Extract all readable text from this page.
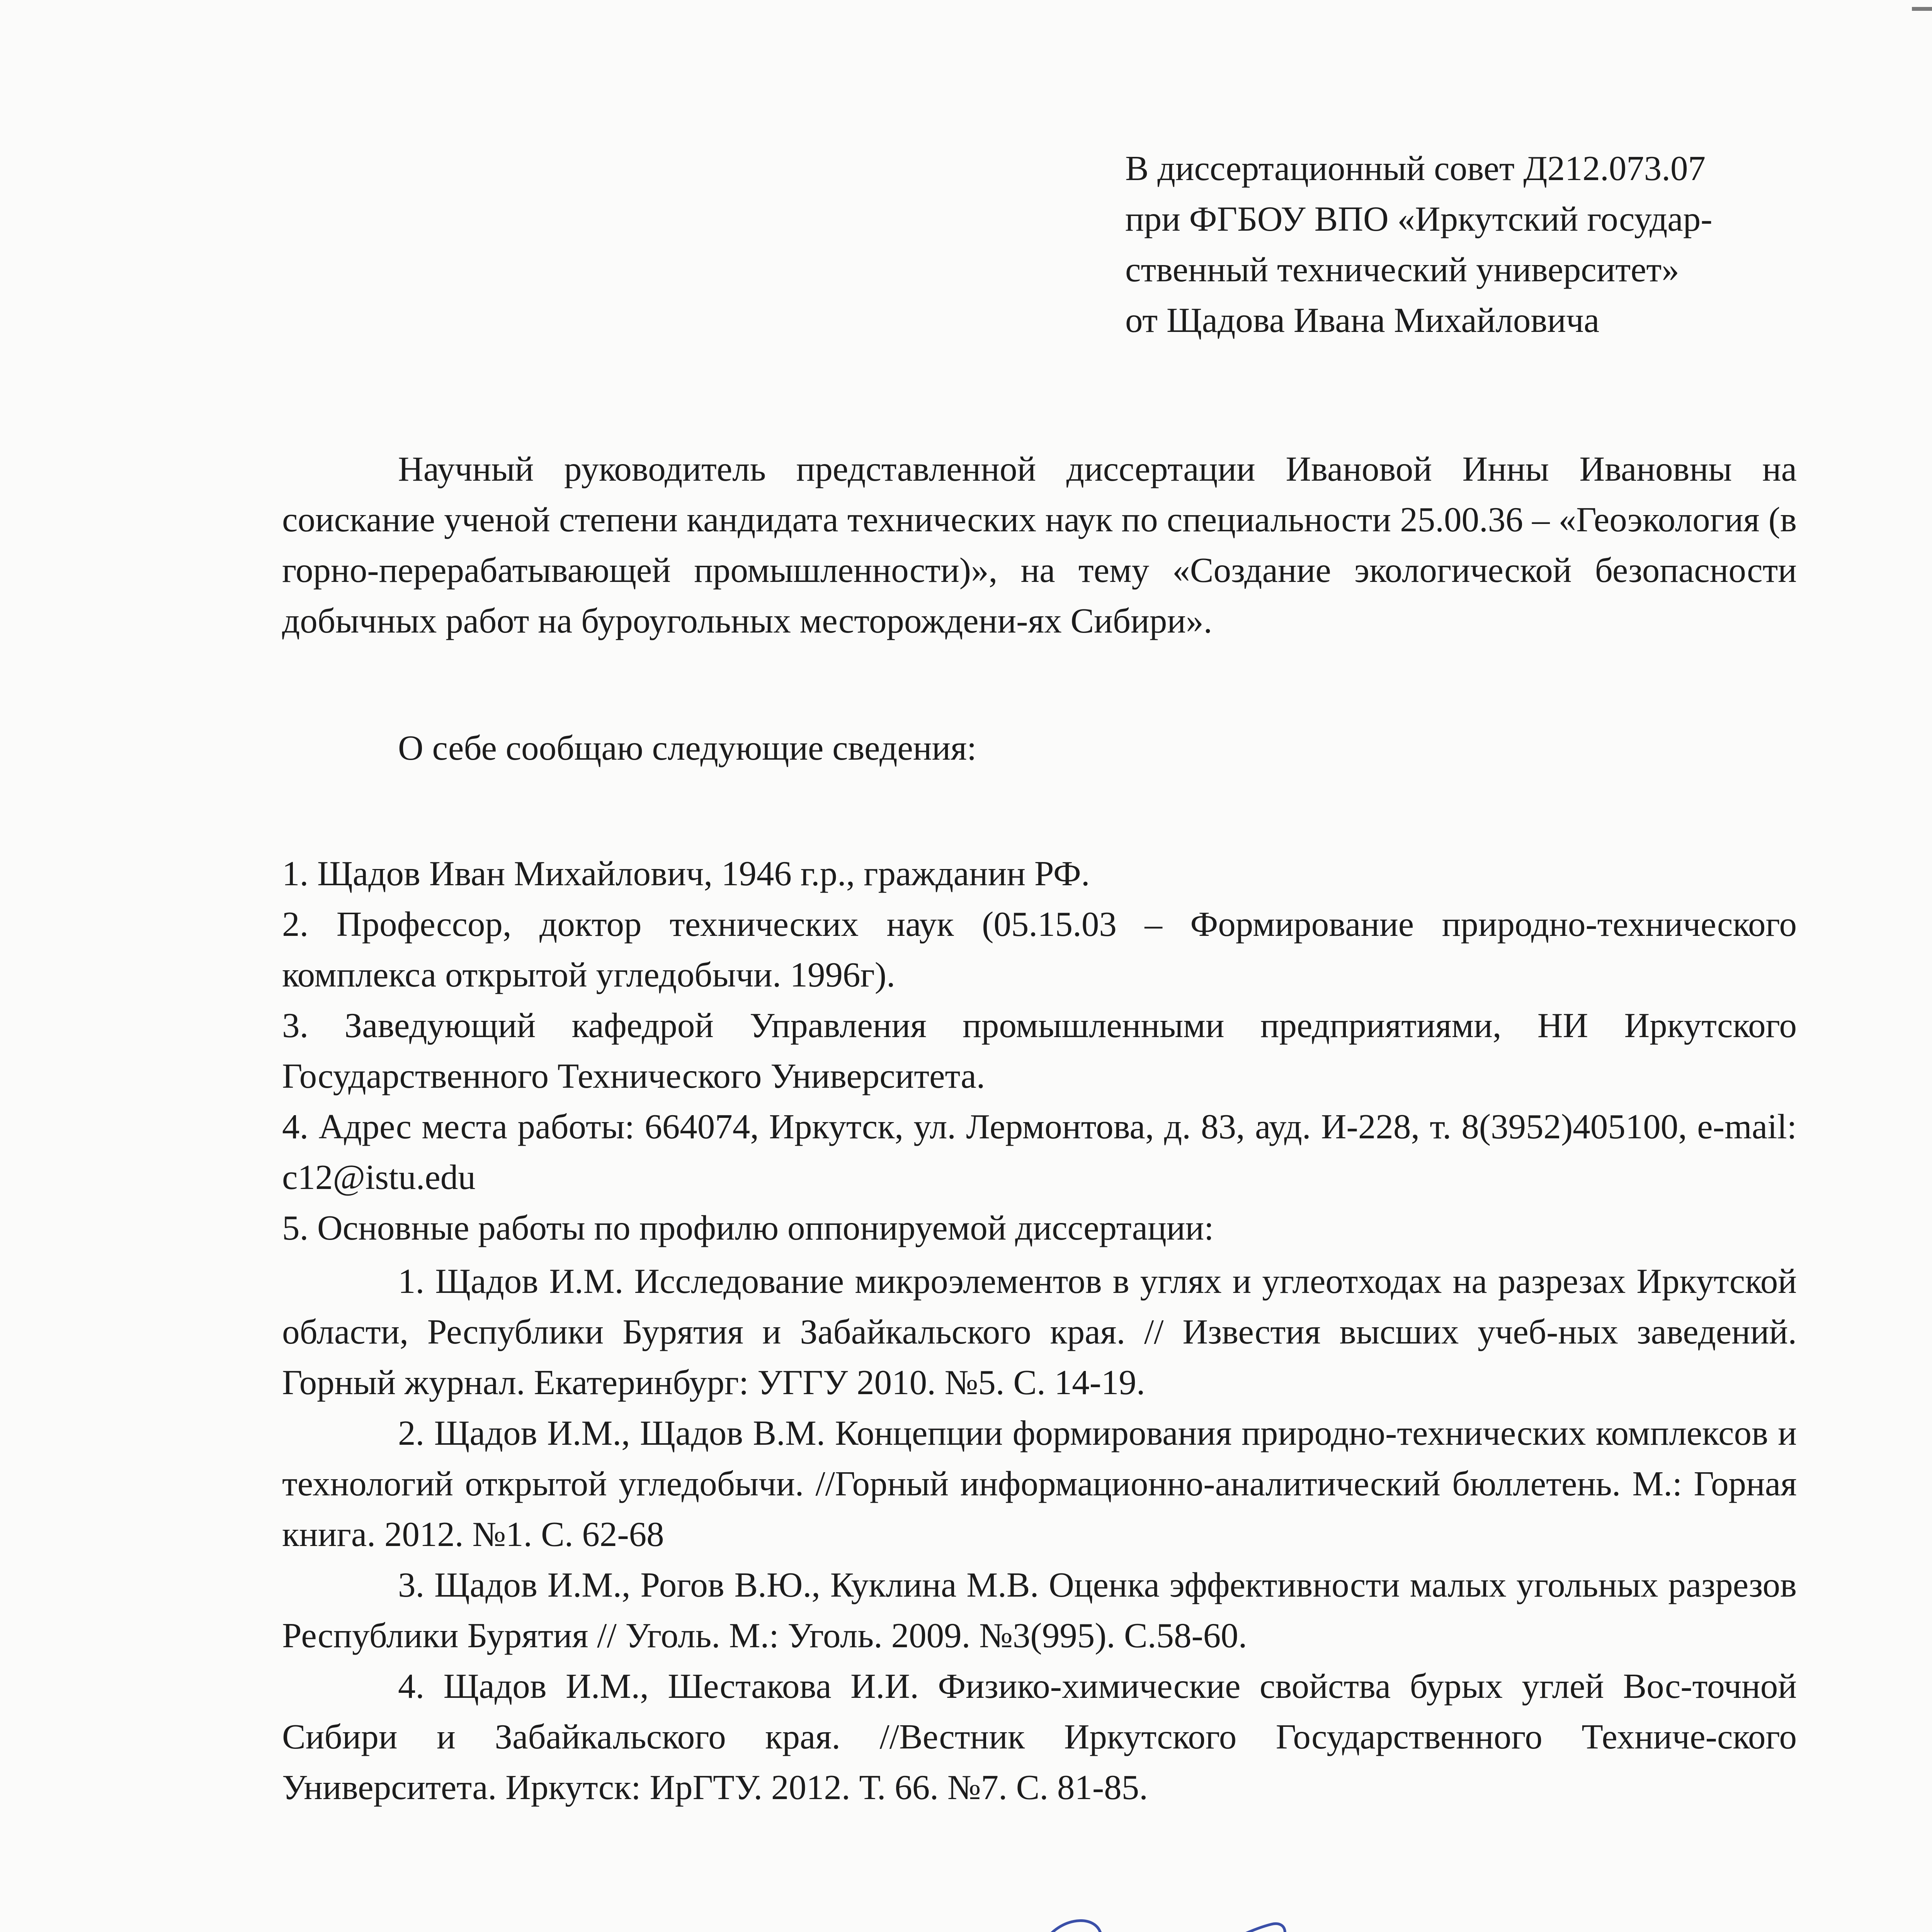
В диссертационный совет Д212.073.07
при ФГБОУ ВПО «Иркутский государ-
ственный технический университет»
от Щадова Ивана Михайловича
Научный руководитель представленной диссертации Ивановой Инны Ивановны на соискание ученой степени кандидата технических наук по специальности 25.00.36 – «Геоэкология (в горно-перерабатывающей промышленности)», на тему «Создание экологической безопасности добычных работ на буроугольных месторождени-ях Сибири».
О себе сообщаю следующие сведения:
1. Щадов Иван Михайлович, 1946 г.р., гражданин РФ.
2. Профессор, доктор технических наук (05.15.03 – Формирование природно-технического комплекса открытой угледобычи. 1996г).
3. Заведующий кафедрой Управления промышленными предприятиями, НИ Иркутского Государственного Технического Университета.
4. Адрес места работы: 664074, Иркутск, ул. Лермонтова, д. 83, ауд. И-228, т. 8(3952)405100, e-mail: c12@istu.edu
5. Основные работы по профилю оппонируемой диссертации:
1. Щадов И.М. Исследование микроэлементов в углях и углеотходах на разрезах Иркутской области, Республики Бурятия и Забайкальского края. // Известия высших учеб-ных заведений. Горный журнал. Екатеринбург: УГГУ 2010. №5. С. 14-19.
2. Щадов И.М., Щадов В.М. Концепции формирования природно-технических комплексов и технологий открытой угледобычи. //Горный информационно-аналитический бюллетень. М.: Горная книга. 2012. №1. С. 62-68
3. Щадов И.М., Рогов В.Ю., Куклина М.В. Оценка эффективности малых угольных разрезов Республики Бурятия // Уголь. М.: Уголь. 2009. №3(995). С.58-60.
4. Щадов И.М., Шестакова И.И. Физико-химические свойства бурых углей Вос-точной Сибири и Забайкальского края. //Вестник Иркутского Государственного Техниче-ского Университета. Иркутск: ИрГТУ. 2012. Т. 66. №7. С. 81-85.
